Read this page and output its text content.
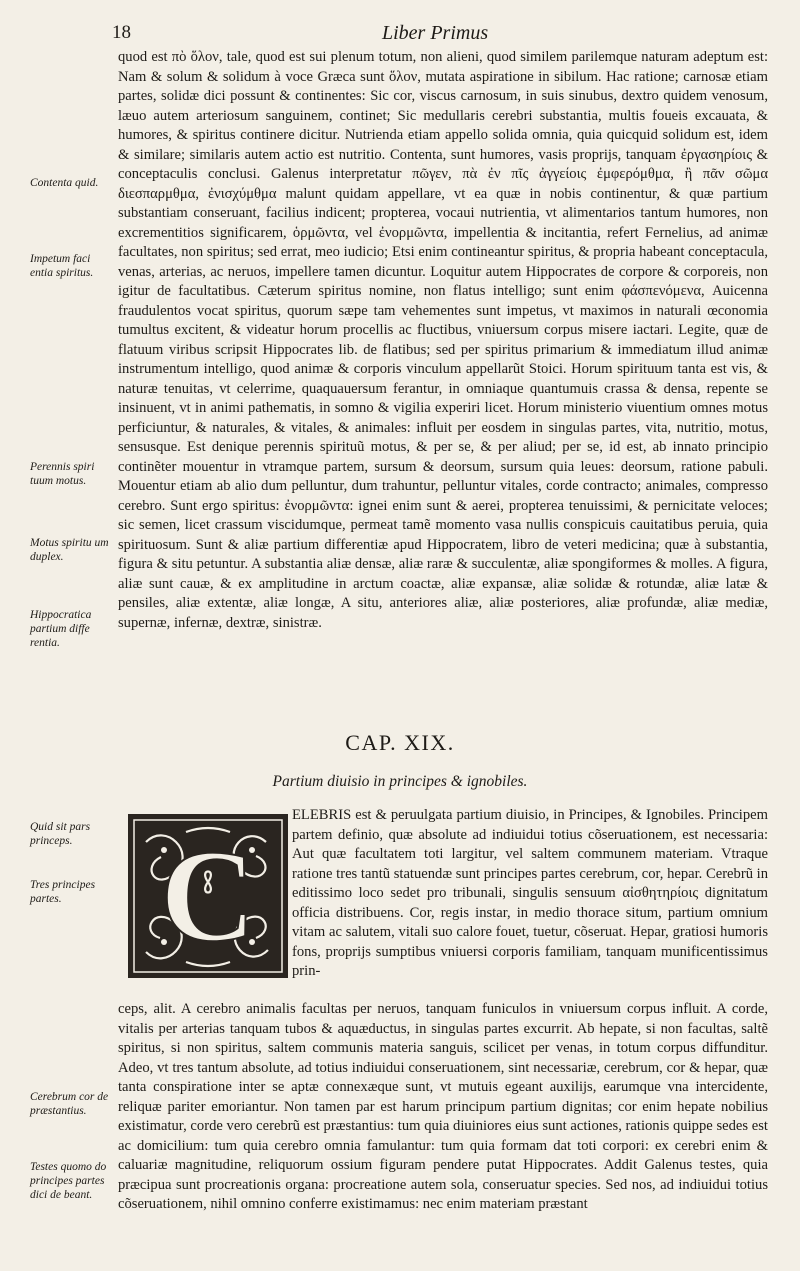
18	Liber Primus
Contenta quid.
Impetum faci entia spiritus.
Perennis spiri tuum motus.
Motus spiritu um duplex.
Hippocratica partium diffe rentia.
Quid sit pars princeps.
Tres principes partes.
Cerebrum cor de præstantius.
Testes quomo do principes partes dici de beant.
quod est πὸ ὅλον, tale, quod est sui plenum totum, non alieni, quod similem parilemque naturam adeptum est: Nam & solum & solidum à voce Græca sunt ὅλον, mutata aspiratione in sibilum. Hac ratione; carnosæ etiam partes, solidæ dici possunt & continentes: Sic cor, viscus carnosum, in suis sinubus, dextro quidem venosum, læuo autem arteriosum sanguinem, continet; Sic medullaris cerebri substantia, multis foueis excauata, & humores, & spiritus continere dicitur. Nutrienda etiam appello solida omnia, quia quicquid solidum est, idem & similare; similaris autem actio est nutritio. Contenta, sunt humores, vasis proprijs, tanquam ἐργασηρίοις & conceptaculis conclusi. Galenus interpretatur πῶγεν, πὰ ἐν πῖς ἀγγείοις ἐμφερόμθμα, ἢ πᾶν σῶμα διεσπαρμθμα, ἐνισχύμθμα malunt quidam appellare, vt ea quæ in nobis continentur, & quæ partium substantiam conseruant, facilius indicent; propterea, vocaui nutrientia, vt alimentarios tantum humores, non excrementitios significarem, ὁρμῶντα, vel ἐνορμῶντα, impellentia & incitantia, refert Fernelius, ad animæ facultates, non spiritus; sed errat, meo iudicio; Etsi enim contineantur spiritus, & propria habeant conceptacula, venas, arterias, ac neruos, impellere tamen dicuntur. Loquitur autem Hippocrates de corpore & corporeis, non igitur de facultatibus. Cæterum spiritus nomine, non flatus intelligo; sunt enim φάσπενόμενα, Auicenna fraudulentos vocat spiritus, quorum sæpe tam vehementes sunt impetus, vt maximos in naturali œconomia tumultus excitent, & videatur horum procellis ac fluctibus, vniuersum corpus misere iactari. Legite, quæ de flatuum viribus scripsit Hippocrates lib. de flatibus; sed per spiritus primarium & immediatum illud animæ instrumentum intelligo, quod animæ & corporis vinculum appellarũt Stoici. Horum spirituum tanta est vis, & naturæ tenuitas, vt celerrime, quaquauersum ferantur, in omniaque quantumuis crassa & densa, repente se insinuent, vt in animi pathematis, in somno & vigilia experiri licet. Horum ministerio viuentium omnes motus perficiuntur, & naturales, & vitales, & animales: influit per eosdem in singulas partes, vita, nutritio, motus, sensusque. Est denique perennis spirituũ motus, & per se, & per aliud; per se, id est, ab innato principio continẽter mouentur in vtramque partem, sursum & deorsum, sursum quia leues: deorsum, ratione pabuli. Mouentur etiam ab alio dum pelluntur, dum trahuntur, pelluntur vitales, corde contracto; animales, compresso cerebro. Sunt ergo spiritus: ἐνορμῶντα: ignei enim sunt & aerei, propterea tenuissimi, & pernicitate veloces; sic semen, licet crassum viscidumque, permeat tamẽ momento vasa nullis conspicuis cauitatibus peruia, quia spirituosum. Sunt & aliæ partium differentiæ apud Hippocratem, libro de veteri medicina; quæ à substantia, figura & situ petuntur. A substantia aliæ densæ, aliæ raræ & succulentæ, aliæ spongiformes & molles. A figura, aliæ sunt cauæ, & ex amplitudine in arctum coactæ, aliæ expansæ, aliæ solidæ & rotundæ, aliæ latæ & pensiles, aliæ extentæ, aliæ longæ, A situ, anteriores aliæ, aliæ posteriores, aliæ profundæ, aliæ mediæ, supernæ, infernæ, dextræ, sinistræ.
CAP. XIX.
Partium diuisio in principes & ignobiles.
C
ELEBRIS est & peruulgata partium diuisio, in Principes, & Ignobiles. Principem partem definio, quæ absolute ad indiuidui totius cõseruationem, est necessaria: Aut quæ facultatem toti largitur, vel saltem communem materiam. Vtraque ratione tres tantũ statuendæ sunt principes partes cerebrum, cor, hepar. Cerebrũ in editissimo loco sedet pro tribunali, singulis sensuum αἰσθητηρίοις dignitatum officia distribuens. Cor, regis instar, in medio thorace situm, partium omnium vitam ac salutem, vitali suo calore fouet, tuetur, cõseruat. Hepar, gratiosi humoris fons, proprijs sumptibus vniuersi corporis familiam, tanquam munificentissimus prin-
ceps, alit. A cerebro animalis facultas per neruos, tanquam funiculos in vniuersum corpus influit. A corde, vitalis per arterias tanquam tubos & aquæductus, in singulas partes excurrit. Ab hepate, si non facultas, saltẽ spiritus, si non spiritus, saltem communis materia sanguis, scilicet per venas, in totum corpus diffunditur. Adeo, vt tres tantum absolute, ad totius indiuidui conseruationem, sint necessariæ, cerebrum, cor & hepar, quæ tanta conspiratione inter se aptæ connexæque sunt, vt mutuis egeant auxilijs, earumque vna intercidente, reliquæ pariter emoriantur. Non tamen par est harum principum partium dignitas; cor enim hepate nobilius existimatur, corde vero cerebrũ est præstantius: tum quia diuiniores eius sunt actiones, rationis quippe sedes est ac domicilium: tum quia cerebro omnia famulantur: tum quia formam dat toti corpori: ex cerebri enim & caluariæ magnitudine, reliquorum ossium figuram pendere putat Hippocrates. Addit Galenus testes, quia præcipua sunt procreationis organa: procreatione autem sola, conseruatur species. Sed nos, ad indiuidui totius cõseruationem, nihil omnino conferre existimamus: nec enim materiam præstant
